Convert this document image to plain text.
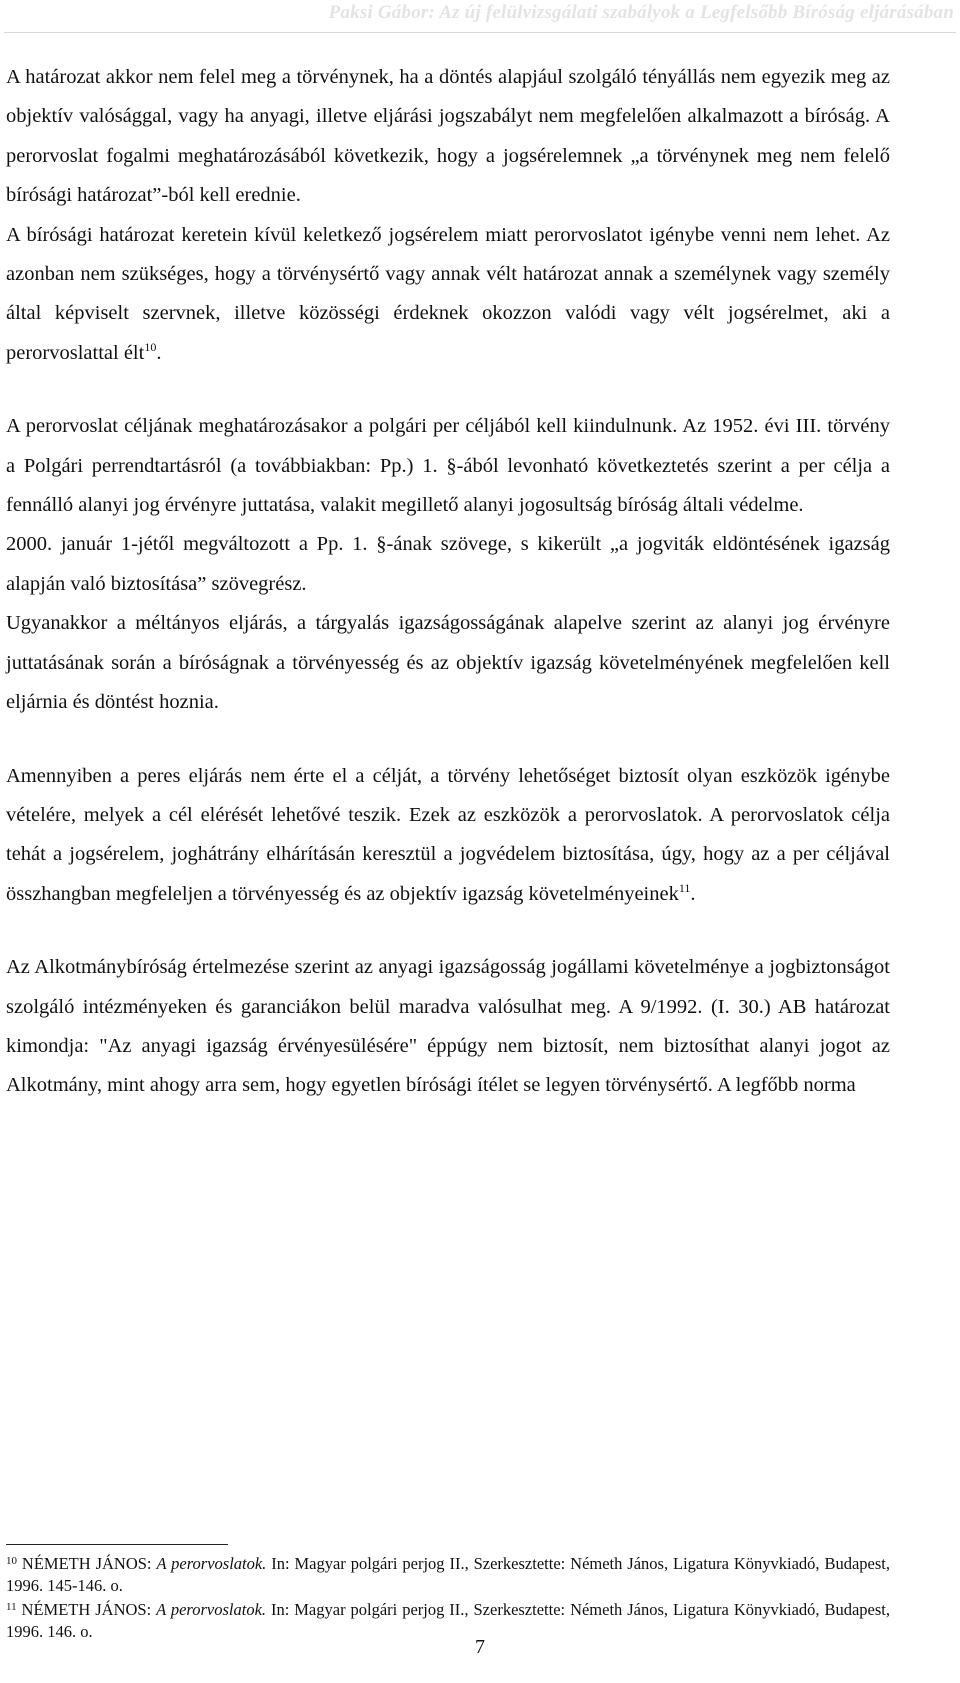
Paksi Gábor: Az új felülvizsgálati szabályok a Legfelsőbb Bíróság eljárásában

A határozat akkor nem felel meg a törvénynek, ha a döntés alapjául szolgáló tényállás nem egyezik meg az objektív valósággal, vagy ha anyagi, illetve eljárási jogszabályt nem megfelelően alkalmazott a bíróság. A perorvoslat fogalmi meghatározásából következik, hogy a jogsérelemnek „a törvénynek meg nem felelő bírósági határozat”-ból kell erednie.

A bírósági határozat keretein kívül keletkező jogsérelem miatt perorvoslatot igénybe venni nem lehet. Az azonban nem szükséges, hogy a törvénysértő vagy annak vélt határozat annak a személynek vagy személy által képviselt szervnek, illetve közösségi érdeknek okozzon valódi vagy vélt jogsérelmet, aki a perorvoslattal élt$^{10}$.

A perorvoslat céljának meghatározásakor a polgári per céljából kell kiindulnunk. Az 1952. évi III. törvény a Polgári perrendtartásról (a továbbiakban: Pp.) 1. §-ából levonható következtetés szerint a per célja a fennálló alanyi jog érvényre juttatása, valakit megillető alanyi jogosultság bíróság általi védelme.

2000. január 1-jétől megváltozott a Pp. 1. §-ának szövege, s kikerült „a jogviták eldöntésének igazság alapján való biztosítása” szövegrész.

Ugyanakkor a méltányos eljárás, a tárgyalás igazságosságának alapelve szerint az alanyi jog érvényre juttatásának során a bíróságnak a törvényesség és az objektív igazság követelményének megfelelően kell eljárnia és döntést hoznia.

Amennyiben a peres eljárás nem érte el a célját, a törvény lehetőséget biztosít olyan eszközök igénybe vételére, melyek a cél elérését lehetővé teszik. Ezek az eszközök a perorvoslatok. A perorvoslatok célja tehát a jogsérelem, joghátrány elhárításán keresztül a jogvédelem biztosítása, úgy, hogy az a per céljával összhangban megfeleljen a törvényesség és az objektív igazság követelményeinek$^{11}$.

Az Alkotmánybíróság értelmezése szerint az anyagi igazságosság jogállami követelménye a jogbiztonságot szolgáló intézményeken és garanciákon belül maradva valósulhat meg. A 9/1992. (I. 30.) AB határozat kimondja: "Az anyagi igazság érvényesülésére" éppúgy nem biztosít, nem biztosíthat alanyi jogot az Alkotmány, mint ahogy arra sem, hogy egyetlen bírósági ítélet se legyen törvénysértő. A legfőbb norma

$^{10}$ NÉMETH JÁNOS: A perorvoslatok. In: Magyar polgári perjog II., Szerkesztette: Németh János, Ligatura Könyvkiadó, Budapest, 1996. 145-146. o.

$^{11}$ NÉMETH JÁNOS: A perorvoslatok. In: Magyar polgári perjog II., Szerkesztette: Németh János, Ligatura Könyvkiadó, Budapest, 1996. 146. o.

7
